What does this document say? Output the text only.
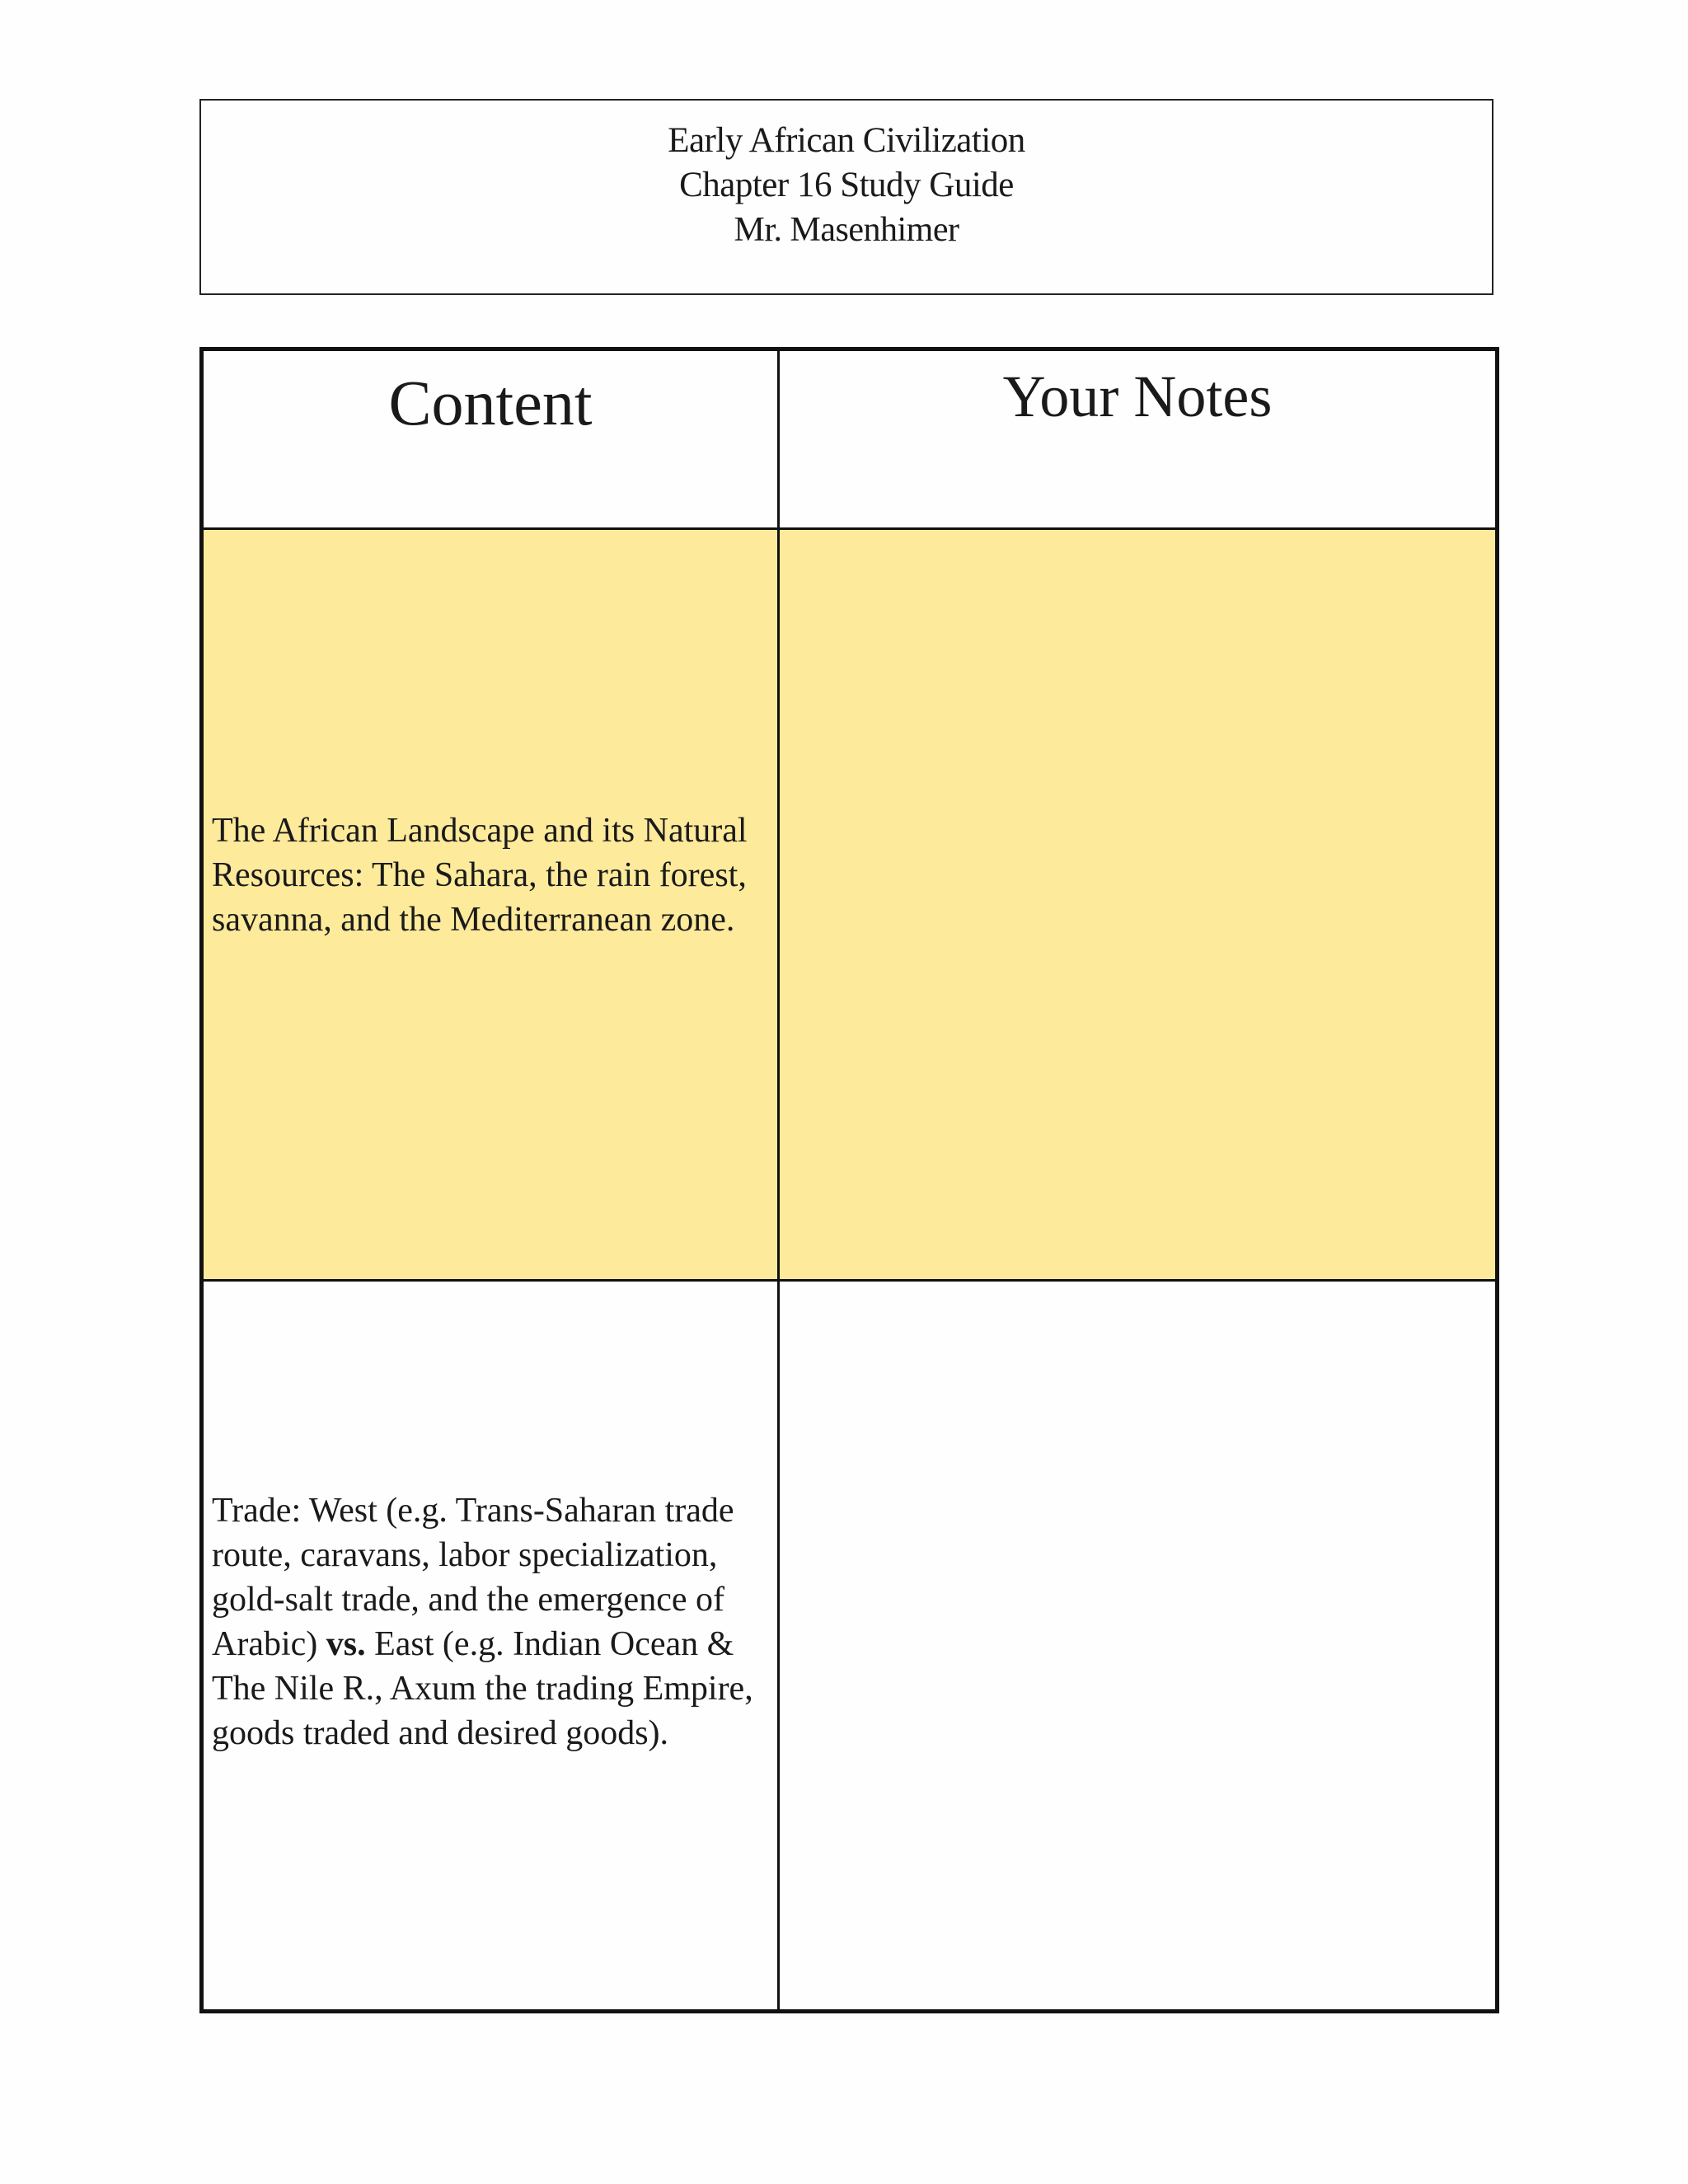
Early African Civilization
Chapter 16 Study Guide
Mr. Masenhimer
Content	Your Notes

The African Landscape and its Natural Resources: The Sahara, the rain forest, savanna, and the Mediterranean zone.	

Trade: West (e.g. Trans-Saharan trade route, caravans, labor specialization, gold-salt trade, and the emergence of Arabic) vs. East (e.g. Indian Ocean & The Nile R., Axum the trading Empire, goods traded and desired goods).	
